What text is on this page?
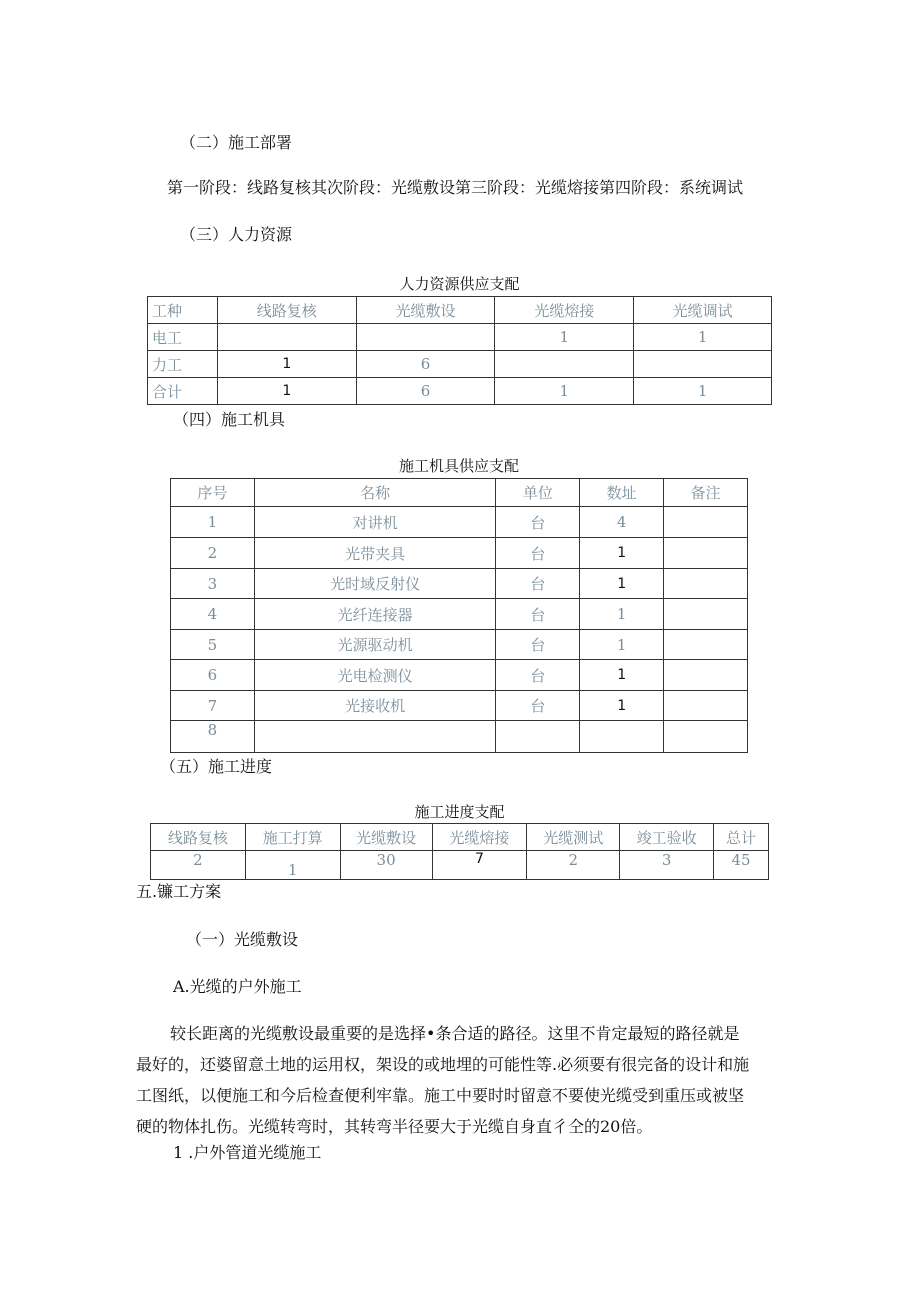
（二）施工部署
第一阶段：线路复核其次阶段：光缆敷设第三阶段：光缆熔接第四阶段：系统调试
（三）人力资源
人力资源供应支配
工种	线路复核	光缆敷设	光缆熔接	光缆调试
电工			1	1
力工	1	6		
合计	1	6	1	1
（四）施工机具
施工机具供应支配
序号	名称	单位	数址	备注
1	对讲机	台	4	
2	光带夹具	台	1	
3	光时域反射仪	台	1	
4	光纤连接器	台	1	
5	光源驱动机	台	1	
6	光电检测仪	台	1	
7	光接收机	台	1	
8				
（五）施工进度
施工进度支配
线路复核	施工打算	光缆敷设	光缆熔接	光缆测试	竣工验收	总计
2	1	30	7	2	3	45
五.镰工方案
（一）光缆敷设
A.光缆的户外施工
较长距离的光缆敷设最重要的是选择•条合适的路径。这里不肯定最短的路径就是
最好的，还婆留意土地的运用权，架设的或地埋的可能性等.必须要有很完备的设计和施
工图纸，以便施工和今后检查便利牢靠。施工中要时时留意不要使光缆受到重压或被坚
硬的物体扎伤。光缆转弯时，其转弯半径要大于光缆自身直彳仝的20倍。
1 .户外管道光缆施工
